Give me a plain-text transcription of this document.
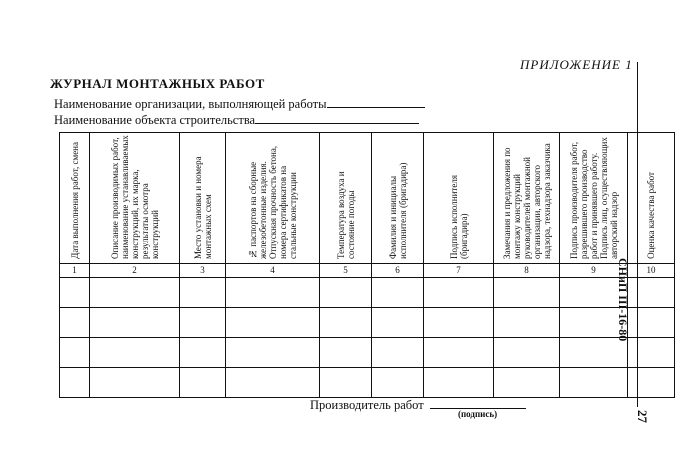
ПРИЛОЖЕНИЕ 1
ЖУРНАЛ МОНТАЖНЫХ РАБОТ
Наименование организации, выполняющей работы
Наименование объекта строительства
СНиП III-16-80
27
Дата выполнения работ, смена	Описание производимых работ, наименование устанавливаемых конструкций, их марка, результаты осмотра конструкций	Место установки и номера монтажных схем	№ паспортов на сборные железобетонные изделия. Отпускная прочность бетона, номера сертификатов на стальные конструкции	Температура воздуха и состояние погоды	Фамилия и инициалы исполнителя (бригадира)	Подпись исполнителя (бригадира)	Замечания и предложения по монтажу конструкций руководителей монтажной организации, авторского надзора, технадзора заказчика	Подпись производителя работ, разрешившего производство работ и принявшего работу. Подпись лиц, осуществляющих авторский надзор	Оценка качества работ

1	2	3	4	5	6	7	8	9	10

Производитель работ
(подпись)
